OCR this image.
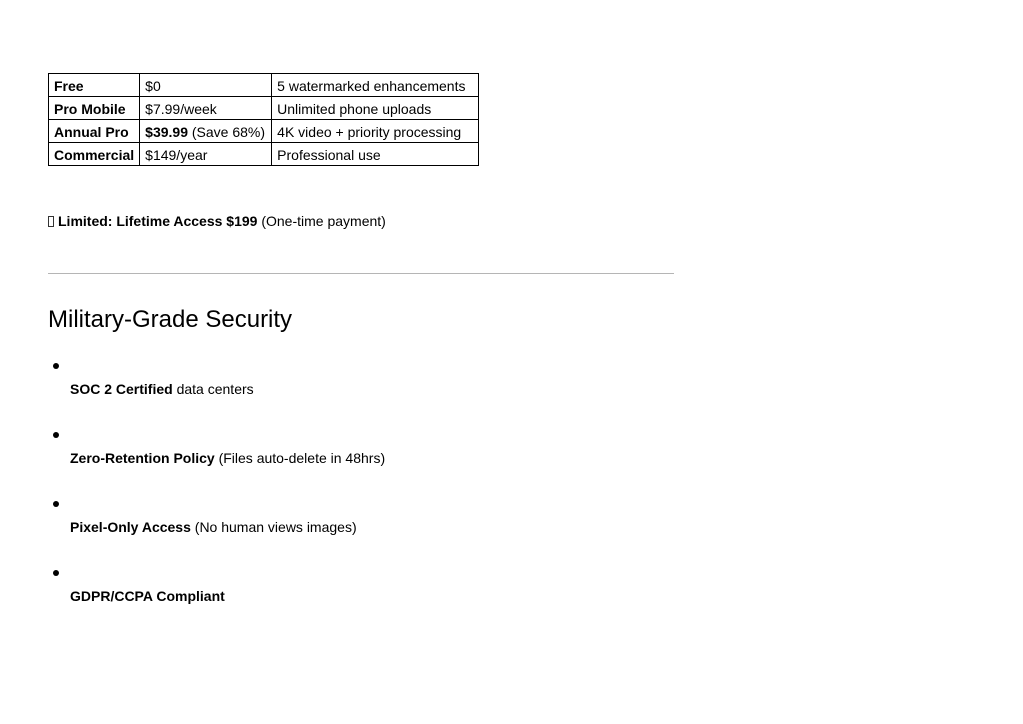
Free	$0	5 watermarked enhancements
Pro Mobile	$7.99/week	Unlimited phone uploads
Annual Pro	$39.99 (Save 68%)	4K video + priority processing
Commercial	$149/year	Professional use
Limited: Lifetime Access $199 (One-time payment)
Military-Grade Security
SOC 2 Certified data centers
Zero-Retention Policy (Files auto-delete in 48hrs)
Pixel-Only Access (No human views images)
GDPR/CCPA Compliant
